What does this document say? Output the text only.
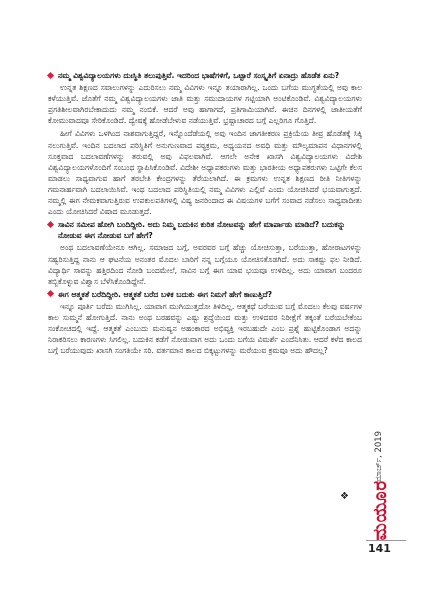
ನಮ್ಮ ವಿಶ್ವವಿದ್ಯಾಲಯಗಳು ದುಃಸ್ಥಿತಿ ತಲುಪುತ್ತಿವೆ. ಇದರಿಂದ ಭಾಷೆಗಳಿಗೆ, ಒಟ್ಟಾರೆ ಸಂಸ್ಕೃತಿಗೆ ಏನಾದ್ರು ಹೊಡೆತ ಏನು?
ಉನ್ನತ ಶಿಕ್ಷಣದ ಸವಾಲುಗಳನ್ನು ಎದುರಿಸಲು ನಮ್ಮ ವಿವಿಗಳು ಇನ್ನೂ ತಯಾರಾಗಿಲ್ಲ. ಒಂದು ಬಗೆಯ ಮುಗ್ಧತೆಯಲ್ಲಿ ಅವು ಕಾಲ ಕಳೆಯುತ್ತಿವೆ. ಜೊತೆಗೆ ನಮ್ಮ ವಿಶ್ವವಿದ್ಯಾಲಯಗಳು ಜಾತಿ ಮತ್ತು ಸಮುದಾಯಗಳ ಗಟ್ಟಿಯಾಗಿ ಅಂಟಿಕೊಂಡಿವೆ. ವಿಶ್ವವಿದ್ಯಾಲಯಗಳು ಪ್ರಗತಿಶೀಲವಾಗಿರಬೇಕಾದುದು ನಮ್ಮ ನಂಬಿಕೆ. ಆದರೆ ಅವು ಹಾಗಾಗದೆ, ಪ್ರತಿಗಾಮಿಯಾಗಿವೆ. ಈಚಿನ ದಿನಗಳಲ್ಲಿ ಜಾತೀಯತೆಗೆ ಕೋಮುವಾದವೂ ಸೇರಿಕೊಂಡಿದೆ. ದ್ವೇಷಕ್ಕೆ ಹೋಡೆಬೇಳುವ ನಡೆಯುತ್ತಿವೆ. ಭ್ರಷ್ಟಾಚಾರದ ಬಗ್ಗೆ ಎಲ್ಲರಿಗೂ ಗೊತ್ತಿದೆ.
ಹೀಗೆ ವಿವಿಗಳು ಒಳಗಿಂದ ನಾಶವಾಗುತ್ತಿದ್ದರೆ, ಇನ್ನೊಂದೆಡೆಯಲ್ಲಿ ಅವು ಇಂದಿನ ಜಾಗತೀಕರಣ ಪ್ರಕ್ರಿಯೆಯ ತೀವ್ರ ಹೊಡೆತಕ್ಕೆ ಸಿಕ್ಕಿ ನಲುಗುತ್ತಿವೆ. ಇಂದಿನ ಬದಲಾದ ಪರಿಸ್ಥಿತಿಗೆ ಅನುಗುಣವಾದ ಪಠ್ಯಕ್ರಮ, ಅಧ್ಯಯನದ ಅವಧಿ ಮತ್ತು ಮೌಲ್ಯಮಾಪನ ವಿಧಾನಗಳಲ್ಲಿ ಸೂಕ್ತವಾದ ಬದಲಾವಣೆಗಳನ್ನು ತರುವಲ್ಲಿ ಅವು ವಿಫಲವಾಗಿವೆ. ಆಗಲೇ ಅನೇಕ ಖಾಸಗಿ ವಿಶ್ವವಿದ್ಯಾಲಯಗಳು ವಿದೇಶಿ ವಿಶ್ವವಿದ್ಯಾಲಯಗಳೊಂದಿಗೆ ಸಂಬಂಧ ಸ್ಥಾಪಿಸಿಕೊಂಡಿವೆ. ವಿದೇಶೀ ಅಧ್ಯಾಪಕರುಗಳು ಮತ್ತು ಭಾರತೀಯ ಅಧ್ಯಾಪಕರುಗಳು ಒಟ್ಟಿಗೇ ಕೆಲಸ ಮಾಡಲು ಸಾಧ್ಯವಾಗುವ ಹಾಗೆ ತರಬೇತಿ ಕೇಂದ್ರಗಳನ್ನು ತೆರೆಯಲಾಗಿದೆ. ಈ ಕ್ರಮಗಳು ಉನ್ನತ ಶಿಕ್ಷಣದ ರೀತಿ ನೀತಿಗಳನ್ನು ಗಮನಾರ್ಹವಾಗಿ ಬದಲಾಯಿಸಿವೆ. ಇಂಥ ಬದಲಾದ ಪರಿಸ್ಥಿತಿಯಲ್ಲಿ ನಮ್ಮ ವಿವಿಗಳು ಎಲ್ಲಿವೆ ಎಂದು ಯೋಚಿಸಿದರೆ ಭಯವಾಗುತ್ತದೆ. ನಮ್ಮಲ್ಲಿ ಈಗ ನೇಮಕವಾಗುತ್ತಿರುವ ಉಪಕುಲಪತಿಗಳಲ್ಲಿ ವಿಷ್ಯ ಜನರಿಂದಾದ ಈ ವಿಷಯಗಳ ಬಗೆಗೆ ಸಂವಾದ ನಡೆಸಲು ಸಾಧ್ಯವಾದೀತು ಎಂದು ಯೋಚಿಸಿದರೆ ವಿಷಾದ ಮೂಡುತ್ತದೆ.
ಸಾವಿನ ಸಮೀಪ ಹೋಗಿ ಬಂದಿದ್ದೀರಿ. ಅದು ನಿಮ್ಮ ಬದುಕಿನ ಕುರಿತ ನೋಟವನ್ನು ಹೇಗೆ ಮಾರ್ಪಾಡು ಮಾಡಿದೆ? ಬದುಕನ್ನು ನೋಡುವ ಈಗ ನೋಡುವ ಬಗೆ ಹೇಗೆ?
ಅಂಥ ಬದಲಾವಣೆಯೇನೂ ಆಗಿಲ್ಲ. ಸಮಾಜದ ಬಗ್ಗೆ, ಅವರವರ ಬಗ್ಗೆ ಹೆಚ್ಚು ಯೋಚಿಸುತ್ತಾ, ಬರೆಯುತ್ತಾ, ಹೋರಾಟಗಳನ್ನು ಸಹ್ವರಿಸುತ್ತಿದ್ದ ನಾನು ಆ ಘಟನೆಯ ಅನಂತರ ಮೊದಲ ಬಾರಿಗೆ ನನ್ನ ಬಗ್ಗೆಯೂ ಯೋಚಿಸತೊಡಗಿದೆ. ಅದು ಸಾಕಷ್ಟು ಫಲ ನೀಡಿದೆ. ವಿದ್ಯಾರ್ಥಿ ಸಾವನ್ನು ಹತ್ತಿರದಿಂದ ನೋಡಿ ಬಂದಮೇಲೆ, ಸಾವಿನ ಬಗ್ಗೆ ಈಗ ಯಾವ ಭಯವೂ ಉಳಿದಿಲ್ಲ. ಅದು ಯಾವಾಗ ಬಂದರೂ ತಬ್ಬಿಕೊಳ್ಳುವ ವಿಶ್ವಾಸ ಬೆಳೆಸಿಕೊಂಡಿದ್ದೇನೆ.
ಈಗ ಆತ್ಮಕತೆ ಬರೆದಿದ್ದೀರಿ. ಆತ್ಮಕತೆ ಬರೆದ ಬಳಿಕ ಬದುಕು ಈಗ ನಿಮಗೆ ಹೇಗೆ ಕಾಣುತ್ತಿದೆ?
ಇನ್ನೂ ಪೂರ್ತಿ ಬರೆದು ಮುಗಿಸಿಲ್ಲ. ಯಾವಾಗ ಮುಗಿಯುತ್ತದೋ ತಿಳಿದಿಲ್ಲ. ಆತ್ಮಕಥೆ ಬರೆಯುವ ಬಗ್ಗೆ ಮೊದಲು ಕೆಲವು ವರ್ಷಗಳ ಕಾಲ ಸುಮ್ಮನೆ ಹೋಗುತ್ತಿದೆ. ನಾನು ಅಂಥ ಬರಹವನ್ನು ಎಷ್ಟು ಶ್ರದ್ಧೆಯಿಂದ ಮತ್ತು ಉಳಿದವರ ನಿರೀಕ್ಷೆಗೆ ತಕ್ಕಂತೆ ಬರೆಯಬೇಕೆಂಬ ಸಂಕೋಚದಲ್ಲಿ ಇದ್ದೆ. ಆತ್ಮಕತೆ ಎಂಬುದು ಮನುಷ್ಯನ ಅಹಂಕಾರದ ಅಭಿವ್ಯಕ್ತಿ ಇರಬಹುದೇ ಎಂಬ ಪ್ರಶ್ನೆ ಹುಟ್ಟಿಕೊಂಡಾಗ ಅದನ್ನು ನಿರಾಕರಿಸಲು ಕಾರಣಗಳು ಸಿಗಲಿಲ್ಲ. ಬದುಕಿನ ಕಡೆಗೆ ನೋಡುವಾಗ ಅದು ಒಂದು ಬಗೆಯ ವಿಮರ್ಶೆ ಎಂದೆನಿಸಿತು. ಆದರೆ ಕಳೆದ ಕಾಲದ ಬಗ್ಗೆ ಬರೆಯುವುದು ಖಾಸಗಿ ಸಂಗತಿಯೇ ಸರಿ. ವರ್ತಮಾನ ಕಾಲದ ಬಿಕ್ಕಟ್ಟುಗಳನ್ನು ಮರೆಯುವ ಕ್ರಮವೂ ಅದು ಹೌದಲ್ಲ?
❖
ಮಾರ್ಚ್, 2019
ಮಯೂರ
141
